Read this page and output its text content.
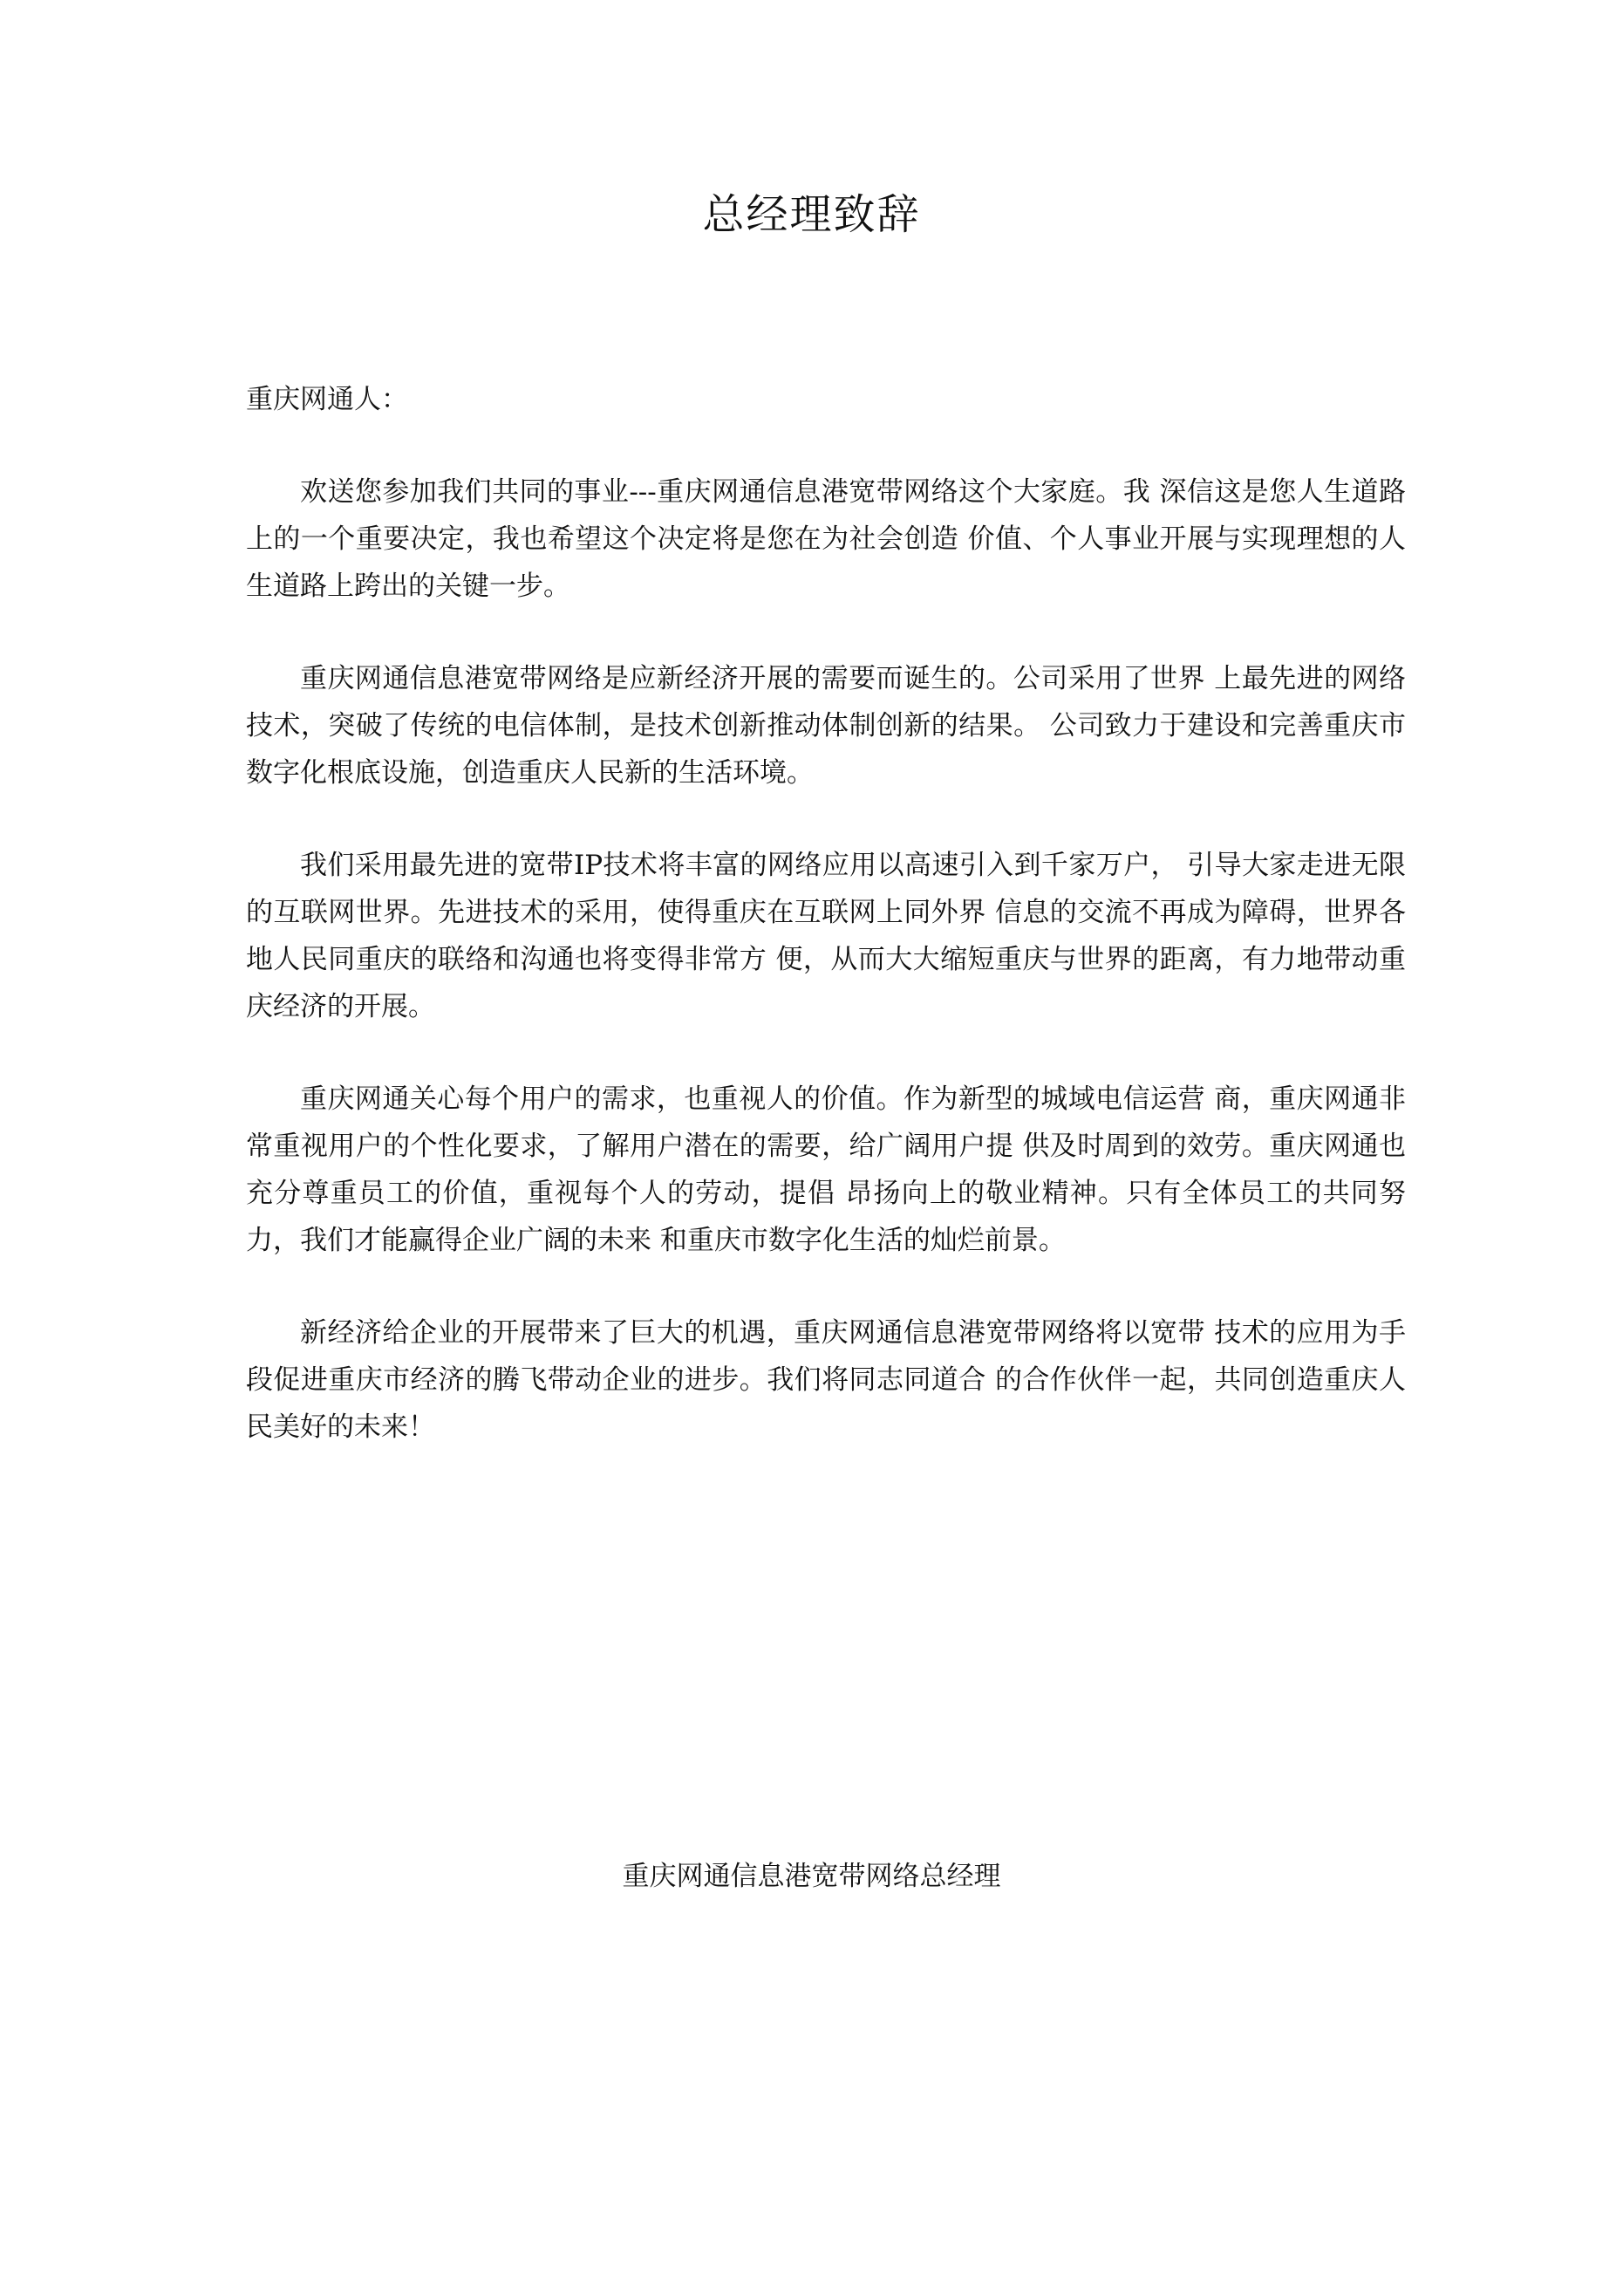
总经理致辞

重庆网通人：

欢送您参加我们共同的事业---重庆网通信息港宽带网络这个大家庭。我 深信这是您人生道路上的一个重要决定，我也希望这个决定将是您在为社会创造 价值、个人事业开展与实现理想的人生道路上跨出的关键一步。

重庆网通信息港宽带网络是应新经济开展的需要而诞生的。公司采用了世界 上最先进的网络技术，突破了传统的电信体制，是技术创新推动体制创新的结果。 公司致力于建设和完善重庆市数字化根底设施，创造重庆人民新的生活环境。

我们采用最先进的宽带IP技术将丰富的网络应用以高速引入到千家万户， 引导大家走进无限的互联网世界。先进技术的采用，使得重庆在互联网上同外界 信息的交流不再成为障碍，世界各地人民同重庆的联络和沟通也将变得非常方 便，从而大大缩短重庆与世界的距离，有力地带动重庆经济的开展。

重庆网通关心每个用户的需求，也重视人的价值。作为新型的城域电信运营 商，重庆网通非常重视用户的个性化要求，了解用户潜在的需要，给广阔用户提 供及时周到的效劳。重庆网通也充分尊重员工的价值，重视每个人的劳动，提倡 昂扬向上的敬业精神。只有全体员工的共同努力，我们才能赢得企业广阔的未来 和重庆市数字化生活的灿烂前景。

新经济给企业的开展带来了巨大的机遇，重庆网通信息港宽带网络将以宽带 技术的应用为手段促进重庆市经济的腾飞带动企业的进步。我们将同志同道合 的合作伙伴一起，共同创造重庆人民美好的未来！

重庆网通信息港宽带网络总经理
